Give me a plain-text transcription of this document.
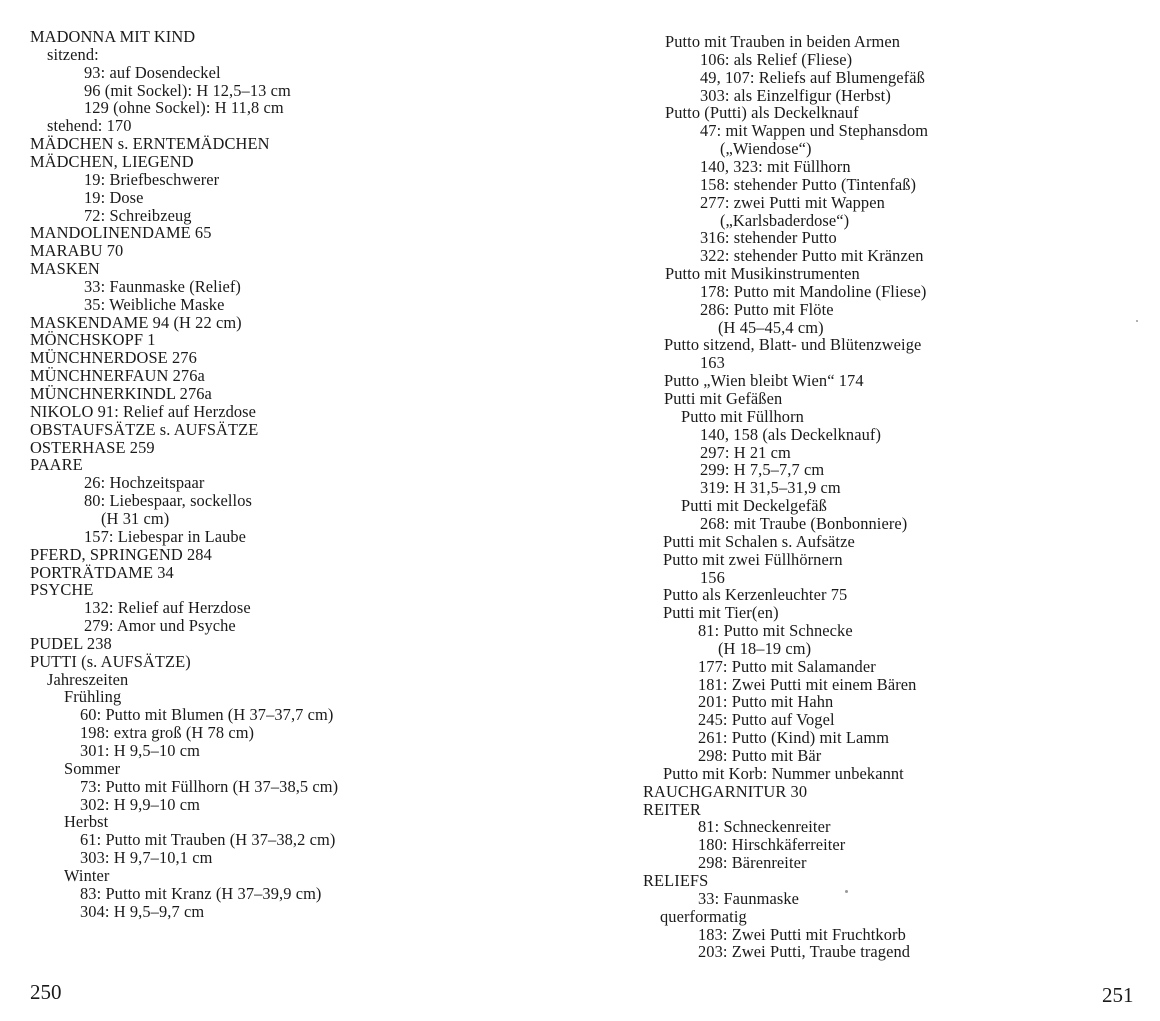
MADONNA MIT KIND
sitzend:
93: auf Dosendeckel
96 (mit Sockel): H 12,5–13 cm
129 (ohne Sockel): H 11,8 cm
stehend: 170
MÄDCHEN s. ERNTEMÄDCHEN
MÄDCHEN, LIEGEND
19: Briefbeschwerer
19: Dose
72: Schreibzeug
MANDOLINENDAME 65
MARABU 70
MASKEN
33: Faunmaske (Relief)
35: Weibliche Maske
MASKENDAME 94 (H 22 cm)
MÖNCHSKOPF 1
MÜNCHNERDOSE 276
MÜNCHNERFAUN 276a
MÜNCHNERKINDL 276a
NIKOLO 91: Relief auf Herzdose
OBSTAUFSÄTZE s. AUFSÄTZE
OSTERHASE 259
PAARE
26: Hochzeitspaar
80: Liebespaar, sockellos
(H 31 cm)
157: Liebespar in Laube
PFERD, SPRINGEND 284
PORTRÄTDAME 34
PSYCHE
132: Relief auf Herzdose
279: Amor und Psyche
PUDEL 238
PUTTI (s. AUFSÄTZE)
Jahreszeiten
Frühling
60: Putto mit Blumen (H 37–37,7 cm)
198: extra groß (H 78 cm)
301: H 9,5–10 cm
Sommer
73: Putto mit Füllhorn (H 37–38,5 cm)
302: H 9,9–10 cm
Herbst
61: Putto mit Trauben (H 37–38,2 cm)
303: H 9,7–10,1 cm
Winter
83: Putto mit Kranz (H 37–39,9 cm)
304: H 9,5–9,7 cm
Putto mit Trauben in beiden Armen
106: als Relief (Fliese)
49, 107: Reliefs auf Blumengefäß
303: als Einzelfigur (Herbst)
Putto (Putti) als Deckelknauf
47: mit Wappen und Stephansdom
(„Wiendose“)
140, 323: mit Füllhorn
158: stehender Putto (Tintenfaß)
277: zwei Putti mit Wappen
(„Karlsbaderdose“)
316: stehender Putto
322: stehender Putto mit Kränzen
Putto mit Musikinstrumenten
178: Putto mit Mandoline (Fliese)
286: Putto mit Flöte
(H 45–45,4 cm)
Putto sitzend, Blatt- und Blütenzweige
163
Putto „Wien bleibt Wien“ 174
Putti mit Gefäßen
Putto mit Füllhorn
140, 158 (als Deckelknauf)
297: H 21 cm
299: H 7,5–7,7 cm
319: H 31,5–31,9 cm
Putti mit Deckelgefäß
268: mit Traube (Bonbonniere)
Putti mit Schalen s. Aufsätze
Putto mit zwei Füllhörnern
156
Putto als Kerzenleuchter 75
Putti mit Tier(en)
81: Putto mit Schnecke
(H 18–19 cm)
177: Putto mit Salamander
181: Zwei Putti mit einem Bären
201: Putto mit Hahn
245: Putto auf Vogel
261: Putto (Kind) mit Lamm
298: Putto mit Bär
Putto mit Korb: Nummer unbekannt
RAUCHGARNITUR 30
REITER
81: Schneckenreiter
180: Hirschkäferreiter
298: Bärenreiter
RELIEFS
33: Faunmaske
querformatig
183: Zwei Putti mit Fruchtkorb
203: Zwei Putti, Traube tragend
250	251
